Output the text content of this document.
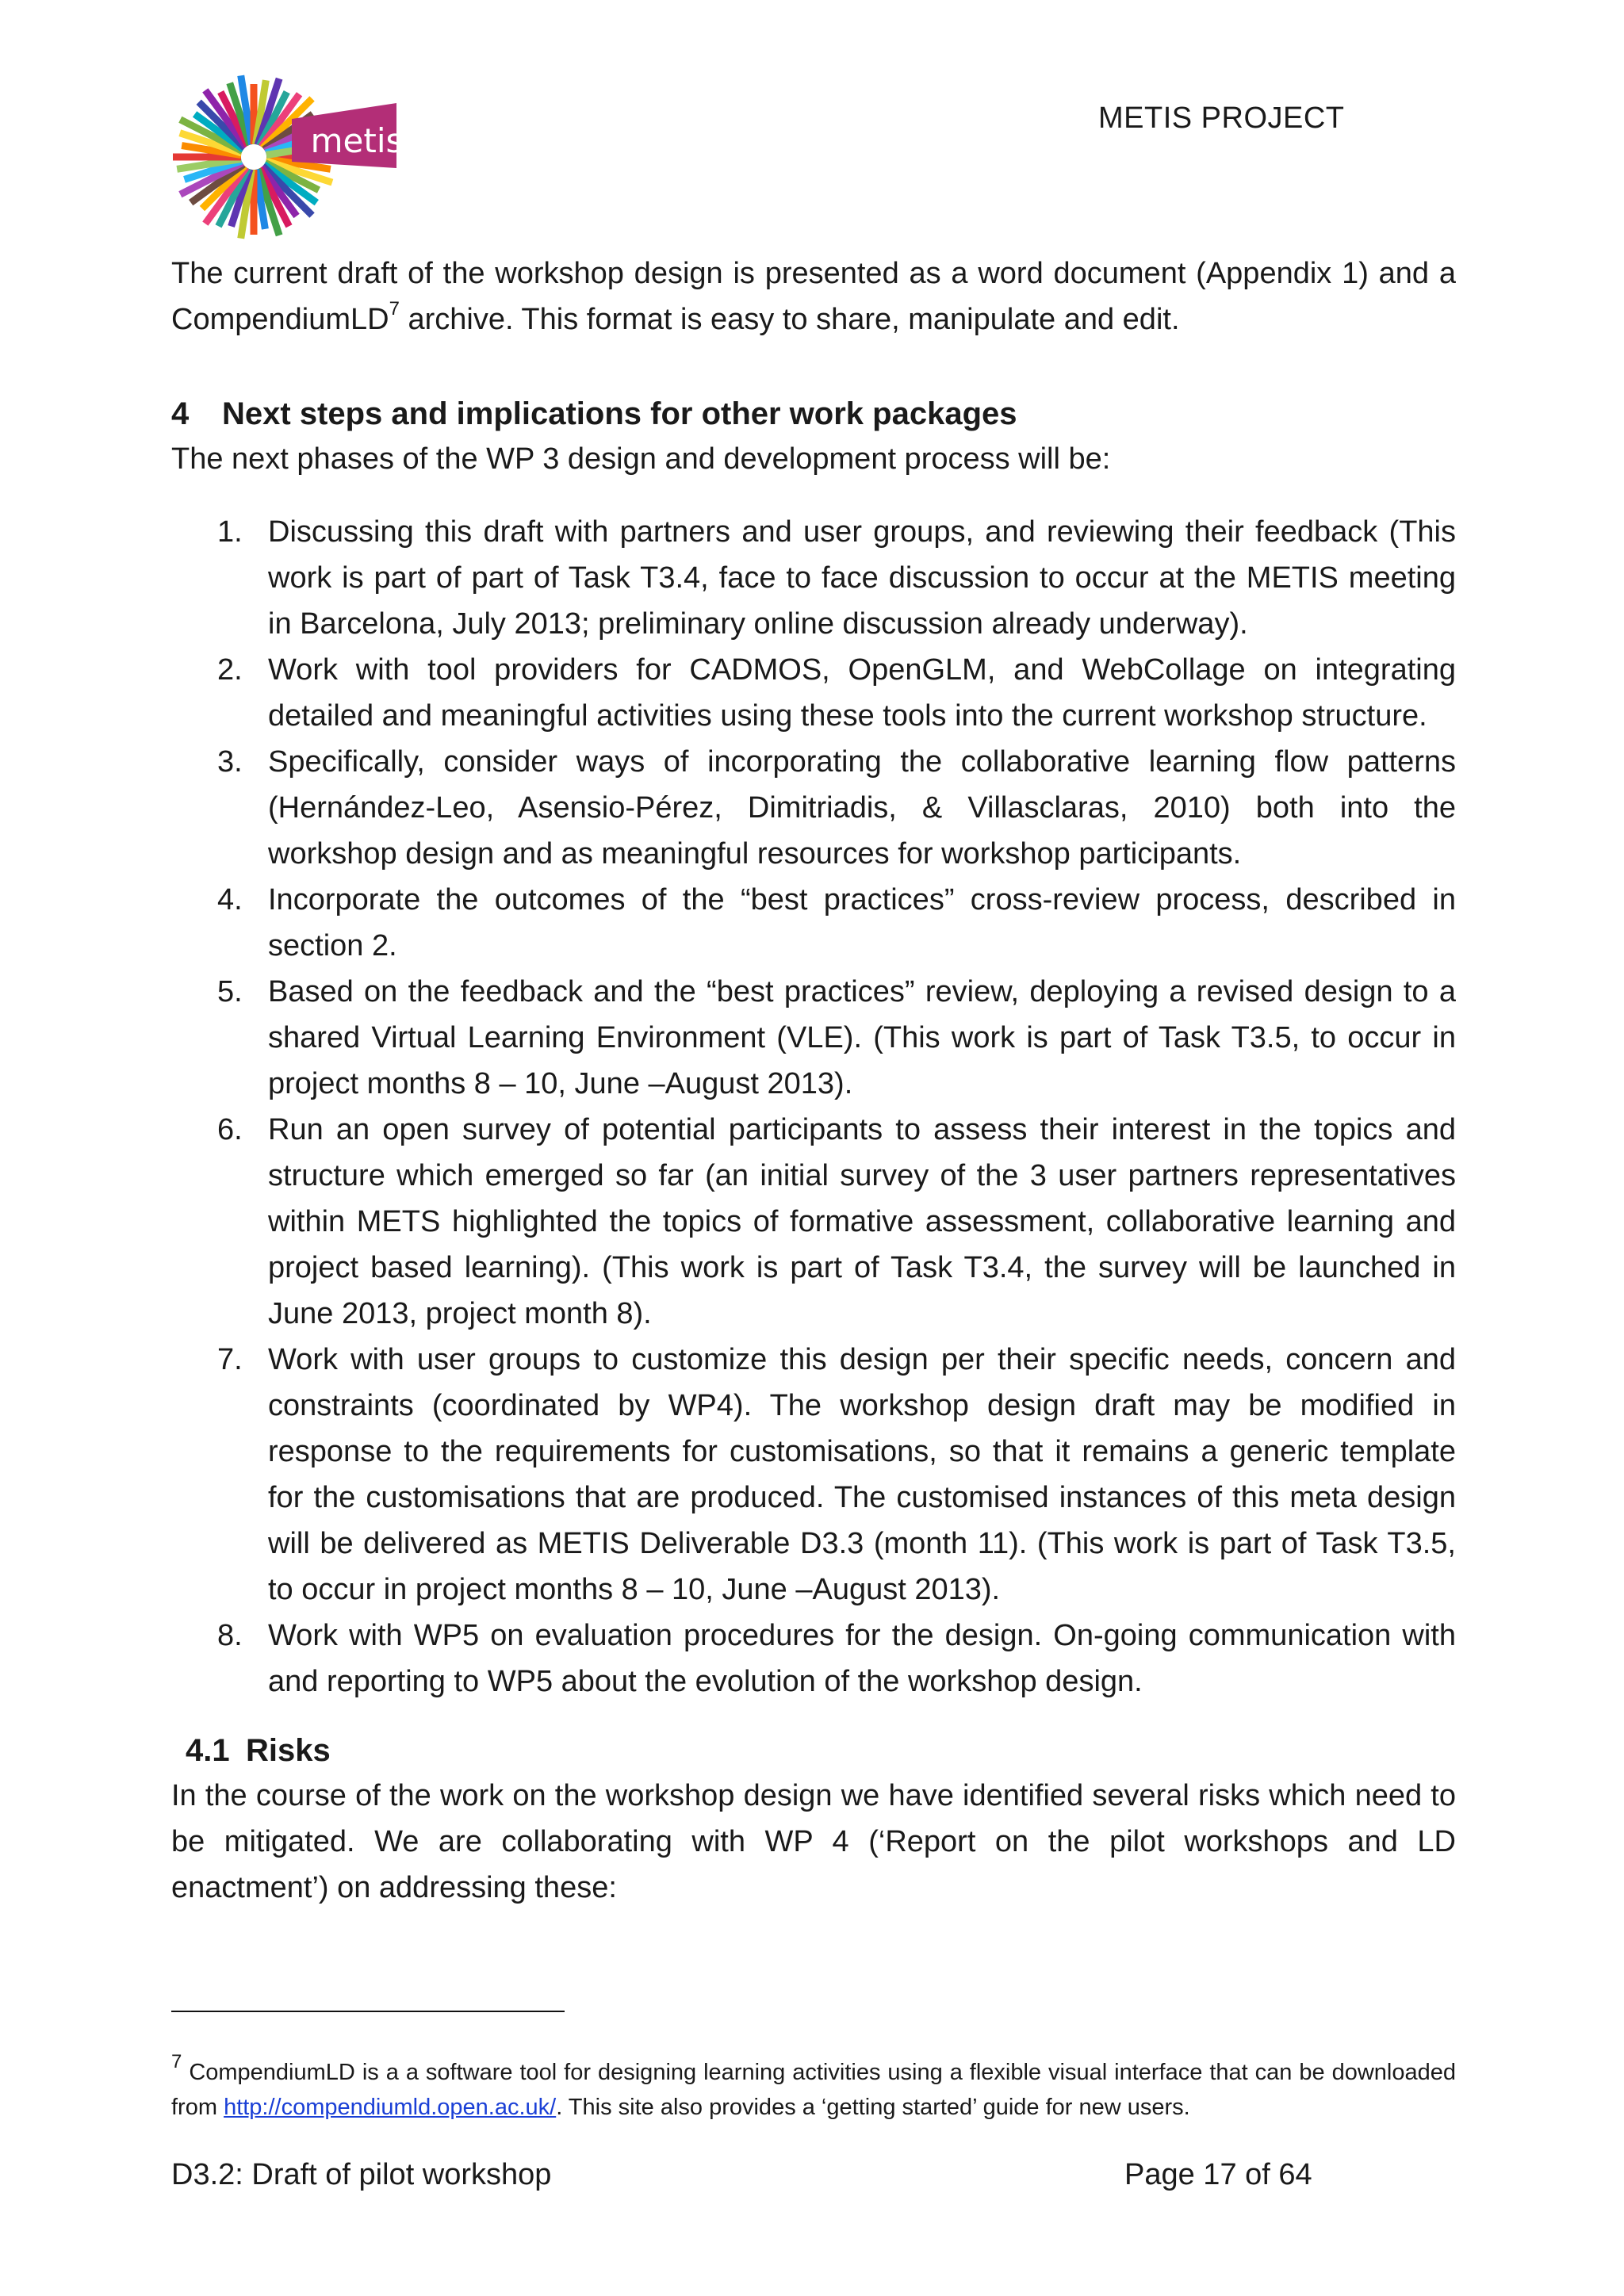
metis
METIS PROJECT

The current draft of the workshop design is presented as a word document (Appendix 1) and a CompendiumLD$^7$ archive. This format is easy to share, manipulate and edit.

4 Next steps and implications for other work packages

The next phases of the WP 3 design and development process will be:

1. Discussing this draft with partners and user groups, and reviewing their feedback (This work is part of part of Task T3.4, face to face discussion to occur at the METIS meeting in Barcelona, July 2013; preliminary online discussion already underway).
2. Work with tool providers for CADMOS, OpenGLM, and WebCollage on integrating detailed and meaningful activities using these tools into the current workshop structure.
3. Specifically, consider ways of incorporating the collaborative learning flow patterns (Hernández-Leo, Asensio-Pérez, Dimitriadis, & Villasclaras, 2010) both into the workshop design and as meaningful resources for workshop participants.
4. Incorporate the outcomes of the “best practices” cross-review process, described in section 2.
5. Based on the feedback and the “best practices” review, deploying a revised design to a shared Virtual Learning Environment (VLE). (This work is part of Task T3.5, to occur in project months 8 – 10, June –August 2013).
6. Run an open survey of potential participants to assess their interest in the topics and structure which emerged so far (an initial survey of the 3 user partners representatives within METS highlighted the topics of formative assessment, collaborative learning and project based learning). (This work is part of Task T3.4, the survey will be launched in June 2013, project month 8).
7. Work with user groups to customize this design per their specific needs, concern and constraints (coordinated by WP4). The workshop design draft may be modified in response to the requirements for customisations, so that it remains a generic template for the customisations that are produced. The customised instances of this meta design will be delivered as METIS Deliverable D3.3 (month 11). (This work is part of Task T3.5, to occur in project months 8 – 10, June –August 2013).
8. Work with WP5 on evaluation procedures for the design. On-going communication with and reporting to WP5 about the evolution of the workshop design.
4.1 Risks

In the course of the work on the workshop design we have identified several risks which need to be mitigated. We are collaborating with WP 4 (‘Report on the pilot workshops and LD enactment’) on addressing these:

$^7$ CompendiumLD is a a software tool for designing learning activities using a flexible visual interface that can be downloaded from http://compendiumld.open.ac.uk/. This site also provides a ‘getting started’ guide for new users.
D3.2: Draft of pilot workshop	Page 17 of 64
